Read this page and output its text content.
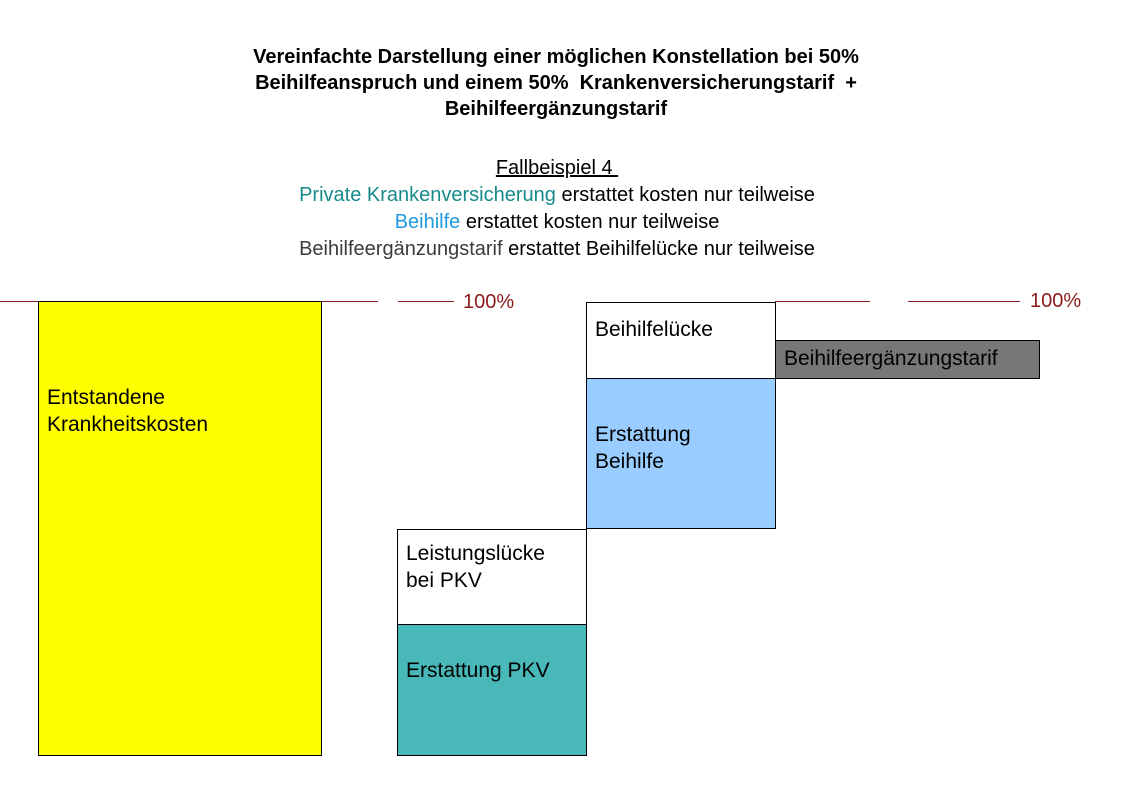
Vereinfachte Darstellung einer möglichen Konstellation bei 50%
Beihilfeanspruch und einem 50%  Krankenversicherungstarif  +
Beihilfeergänzungstarif
Fallbeispiel 4
Private Krankenversicherung erstattet kosten nur teilweise
Beihilfe erstattet kosten nur teilweise
Beihilfeergänzungstarif erstattet Beihilfelücke nur teilweise
100%	100%
Entstandene
Krankheitskosten
Leistungslücke
bei PKV
Erstattung PKV
Beihilfelücke
Erstattung
Beihilfe
Beihilfeergänzungstarif
